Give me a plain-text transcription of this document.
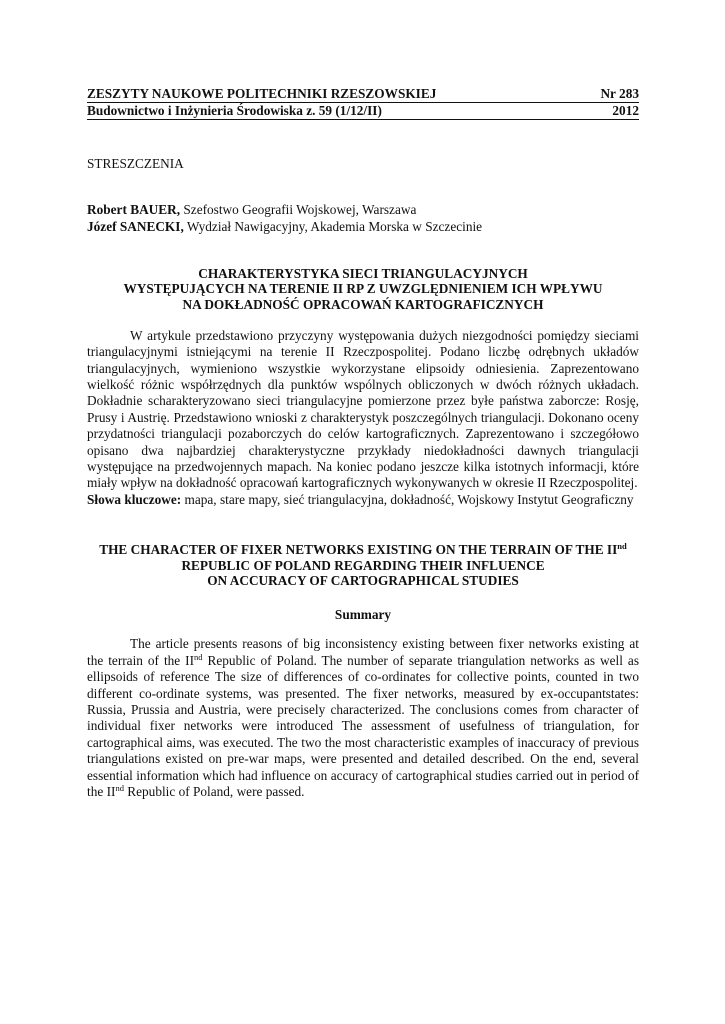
ZESZYTY NAUKOWE POLITECHNIKI RZESZOWSKIEJ	Nr 283
Budownictwo i Inżynieria Środowiska z. 59 (1/12/II)	2012
STRESZCZENIA
Robert BAUER, Szefostwo Geografii Wojskowej, Warszawa
Józef SANECKI, Wydział Nawigacyjny, Akademia Morska w Szczecinie
CHARAKTERYSTYKA SIECI TRIANGULACYJNYCH
WYSTĘPUJĄCYCH NA TERENIE II RP Z UWZGLĘDNIENIEM ICH WPŁYWU
NA DOKŁADNOŚĆ OPRACOWAŃ KARTOGRAFICZNYCH
W artykule przedstawiono przyczyny występowania dużych niezgodności pomiędzy sieciami triangulacyjnymi istniejącymi na terenie II Rzeczpospolitej. Podano liczbę odrębnych układów triangulacyjnych, wymieniono wszystkie wykorzystane elipsoidy odniesienia. Zaprezentowano wielkość różnic współrzędnych dla punktów wspólnych obliczonych w dwóch różnych układach. Dokładnie scharakteryzowano sieci triangulacyjne pomierzone przez byłe państwa zaborcze: Rosję, Prusy i Austrię. Przedstawiono wnioski z charakterystyk poszczególnych triangulacji. Dokonano oceny przydatności triangulacji pozaborczych do celów kartograficznych. Zaprezentowano i szczegółowo opisano dwa najbardziej charakterystyczne przykłady niedokładności dawnych triangulacji występujące na przedwojennych mapach. Na koniec podano jeszcze kilka istotnych informacji, które miały wpływ na dokładność opracowań kartograficznych wykonywanych w okresie II Rzeczpospolitej.
Słowa kluczowe: mapa, stare mapy, sieć triangulacyjna, dokładność, Wojskowy Instytut Geograficzny
THE CHARACTER OF FIXER NETWORKS EXISTING ON THE TERRAIN OF THE IInd
REPUBLIC OF POLAND REGARDING THEIR INFLUENCE
ON ACCURACY OF CARTOGRAPHICAL STUDIES
Summary
The article presents reasons of big inconsistency existing between fixer networks existing at the terrain of the IInd Republic of Poland. The number of separate triangulation networks as well as ellipsoids of reference The size of differences of co-ordinates for collective points, counted in two different co-ordinate systems, was presented. The fixer networks, measured by ex-occupantstates: Russia, Prussia and Austria, were precisely characterized. The conclusions comes from character of individual fixer networks were introduced The assessment of usefulness of triangulation, for cartographical aims, was executed. The two the most characteristic examples of inaccuracy of previous triangulations existed on pre-war maps, were presented and detailed described. On the end, several essential information which had influence on accuracy of cartographical studies carried out in period of the IInd Republic of Poland, were passed.
